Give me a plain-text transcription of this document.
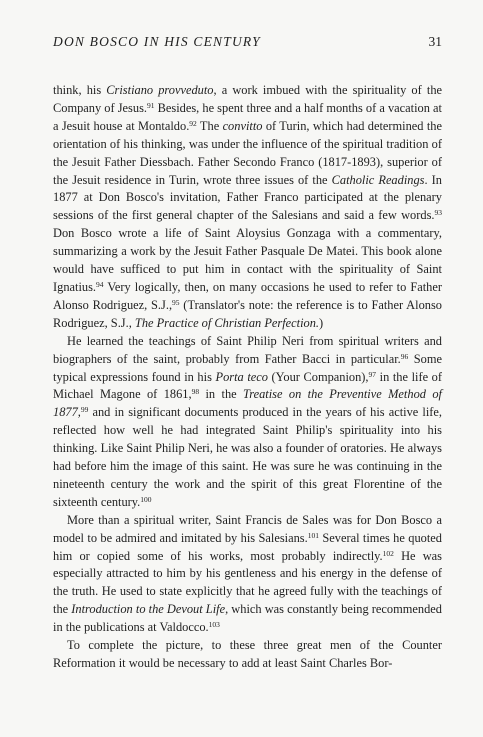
DON BOSCO IN HIS CENTURY	31

think, his Cristiano provveduto, a work imbued with the spirituality of the Company of Jesus.$^{91}$ Besides, he spent three and a half months of a vacation at a Jesuit house at Montaldo.$^{92}$ The convitto of Turin, which had determined the orientation of his thinking, was under the influence of the spiritual tradition of the Jesuit Father Diessbach. Father Secondo Franco (1817-1893), superior of the Jesuit residence in Turin, wrote three issues of the Catholic Readings. In 1877 at Don Bosco's invitation, Father Franco participated at the plenary sessions of the first general chapter of the Salesians and said a few words.$^{93}$ Don Bosco wrote a life of Saint Aloysius Gonzaga with a commentary, summarizing a work by the Jesuit Father Pasquale De Matei. This book alone would have sufficed to put him in contact with the spirituality of Saint Ignatius.$^{94}$ Very logically, then, on many occasions he used to refer to Father Alonso Rodriguez, S.J.,$^{95}$ (Translator's note: the reference is to Father Alonso Rodriguez, S.J., The Practice of Christian Perfection.)

He learned the teachings of Saint Philip Neri from spiritual writers and biographers of the saint, probably from Father Bacci in particular.$^{96}$ Some typical expressions found in his Porta teco (Your Companion),$^{97}$ in the life of Michael Magone of 1861,98 in the Treatise on the Preventive Method of 1877,99 and in significant documents produced in the years of his active life, reflected how well he had integrated Saint Philip's spirituality into his thinking. Like Saint Philip Neri, he was also a founder of oratories. He always had before him the image of this saint. He was sure he was continuing in the nineteenth century the work and the spirit of this great Florentine of the sixteenth century.$^{100}$

More than a spiritual writer, Saint Francis de Sales was for Don Bosco a model to be admired and imitated by his Salesians.$^{101}$ Several times he quoted him or copied some of his works, most probably indirectly.$^{102}$ He was especially attracted to him by his gentleness and his energy in the defense of the truth. He used to state explicitly that he agreed fully with the teachings of the Introduction to the Devout Life, which was constantly being recommended in the publications at Valdocco.$^{103}$

To complete the picture, to these three great men of the Counter Reformation it would be necessary to add at least Saint Charles Bor-
